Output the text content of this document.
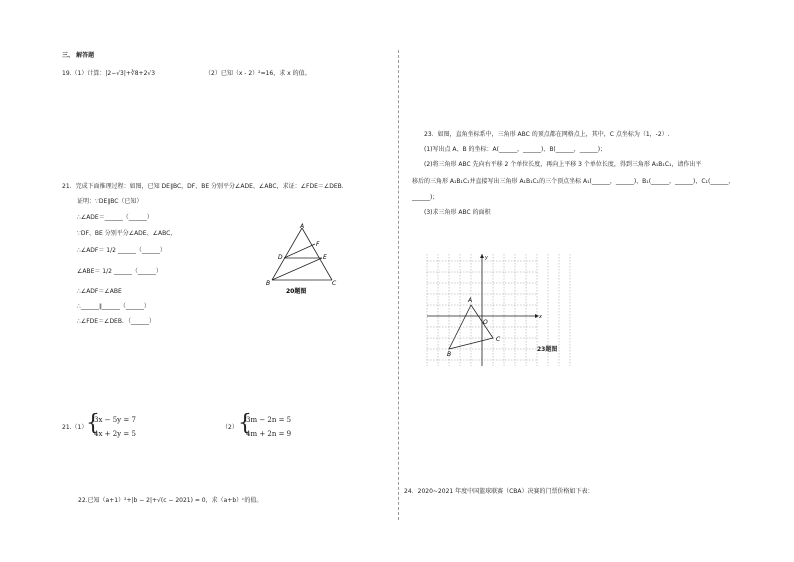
三、 解答题
19.（1）计算：|2−√3|+∛8+2√3	（2）已知（x - 2）²=16，求 x 的值。
21．完成下面推理过程：如图，已知 DE∥BC，DF、BE 分别平分∠ADE、∠ABC，求证：∠FDE＝∠DEB．
证明：∵DE∥BC（已知）
∴∠ADE＝______（______）
∵DF、BE 分别平分∠ADE、∠ABC，
∴∠ADF＝ 1/2 ______（______）
∠ABE＝ 1/2 ______（______）
∴∠ADF＝∠ABE
∴______∥______（______）
∴∠FDE＝∠DEB．（______）
A
B	C
D	E
F
20题图
21.（1）
{
3x − 5y = 7
4x + 2y = 5
（2） {
3m − 2n = 5
4m + 2n = 9
22.已知（a+1）²+|b − 2|+√(c − 2021) = 0，求（a+b）ᶜ的值。
23．如图，直角坐标系中，三角形 ABC 的顶点都在网格点上，其中，C 点坐标为（1，-2）.
(1)写出点 A、B 的坐标：A(______，______)、B(______，______)；
(2)将三角形 ABC 先向右平移 2 个单位长度，再向上平移 3 个单位长度，得到三角形 A₁B₁C₁，请作出平
移后的三角形 A₁B₁C₁并直接写出三角形 A₁B₁C₁的三个顶点坐标 A₁(______，______)，B₁(______，______)，C₁(______，
______)；
(3)求三角形 ABC 的面积
x
y
O
A
B
C
23题图
24．2020~2021 年度中国篮球联赛（CBA）决赛的门票价格如下表：
